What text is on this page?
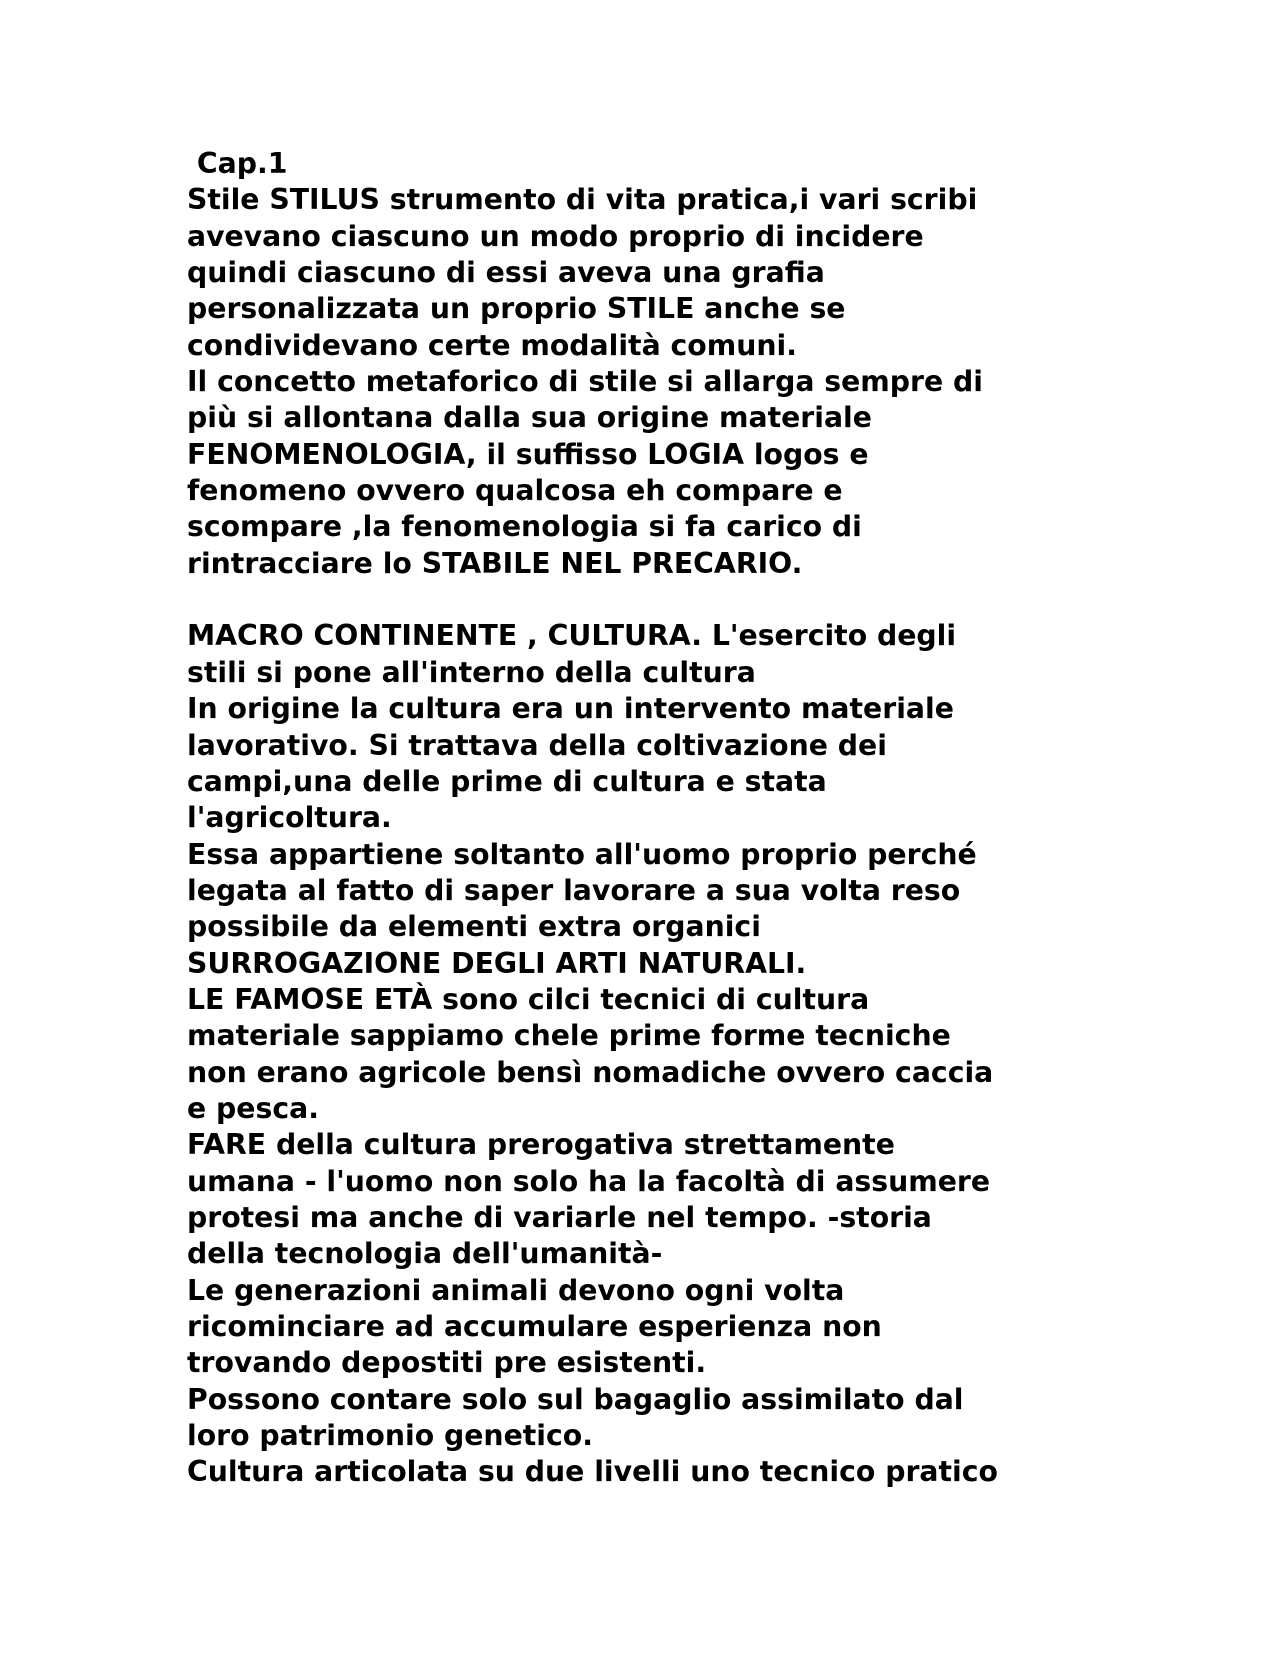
Cap.1
Stile STILUS strumento di vita pratica,i vari scribi
avevano ciascuno un modo proprio di incidere
quindi ciascuno di essi aveva una grafia
personalizzata un proprio STILE anche se
condividevano certe modalità comuni.
Il concetto metaforico di stile si allarga sempre di
più si allontana dalla sua origine materiale
FENOMENOLOGIA, il suffisso LOGIA logos e
fenomeno ovvero qualcosa eh compare e
scompare ,la fenomenologia si fa carico di
rintracciare lo STABILE NEL PRECARIO.
MACRO CONTINENTE , CULTURA. L'esercito degli
stili si pone all'interno della cultura
In origine la cultura era un intervento materiale
lavorativo. Si trattava della coltivazione dei
campi,una delle prime di cultura e stata
l'agricoltura.
Essa appartiene soltanto all'uomo proprio perché
legata al fatto di saper lavorare a sua volta reso
possibile da elementi extra organici
SURROGAZIONE DEGLI ARTI NATURALI.
LE FAMOSE ETÀ sono cilci tecnici di cultura
materiale sappiamo chele prime forme tecniche
non erano agricole bensì nomadiche ovvero caccia
e pesca.
FARE della cultura prerogativa strettamente
umana - l'uomo non solo ha la facoltà di assumere
protesi ma anche di variarle nel tempo. -storia
della tecnologia dell'umanità-
Le generazioni animali devono ogni volta
ricominciare ad accumulare esperienza non
trovando depostiti pre esistenti.
Possono contare solo sul bagaglio assimilato dal
loro patrimonio genetico.
Cultura articolata su due livelli uno tecnico pratico
